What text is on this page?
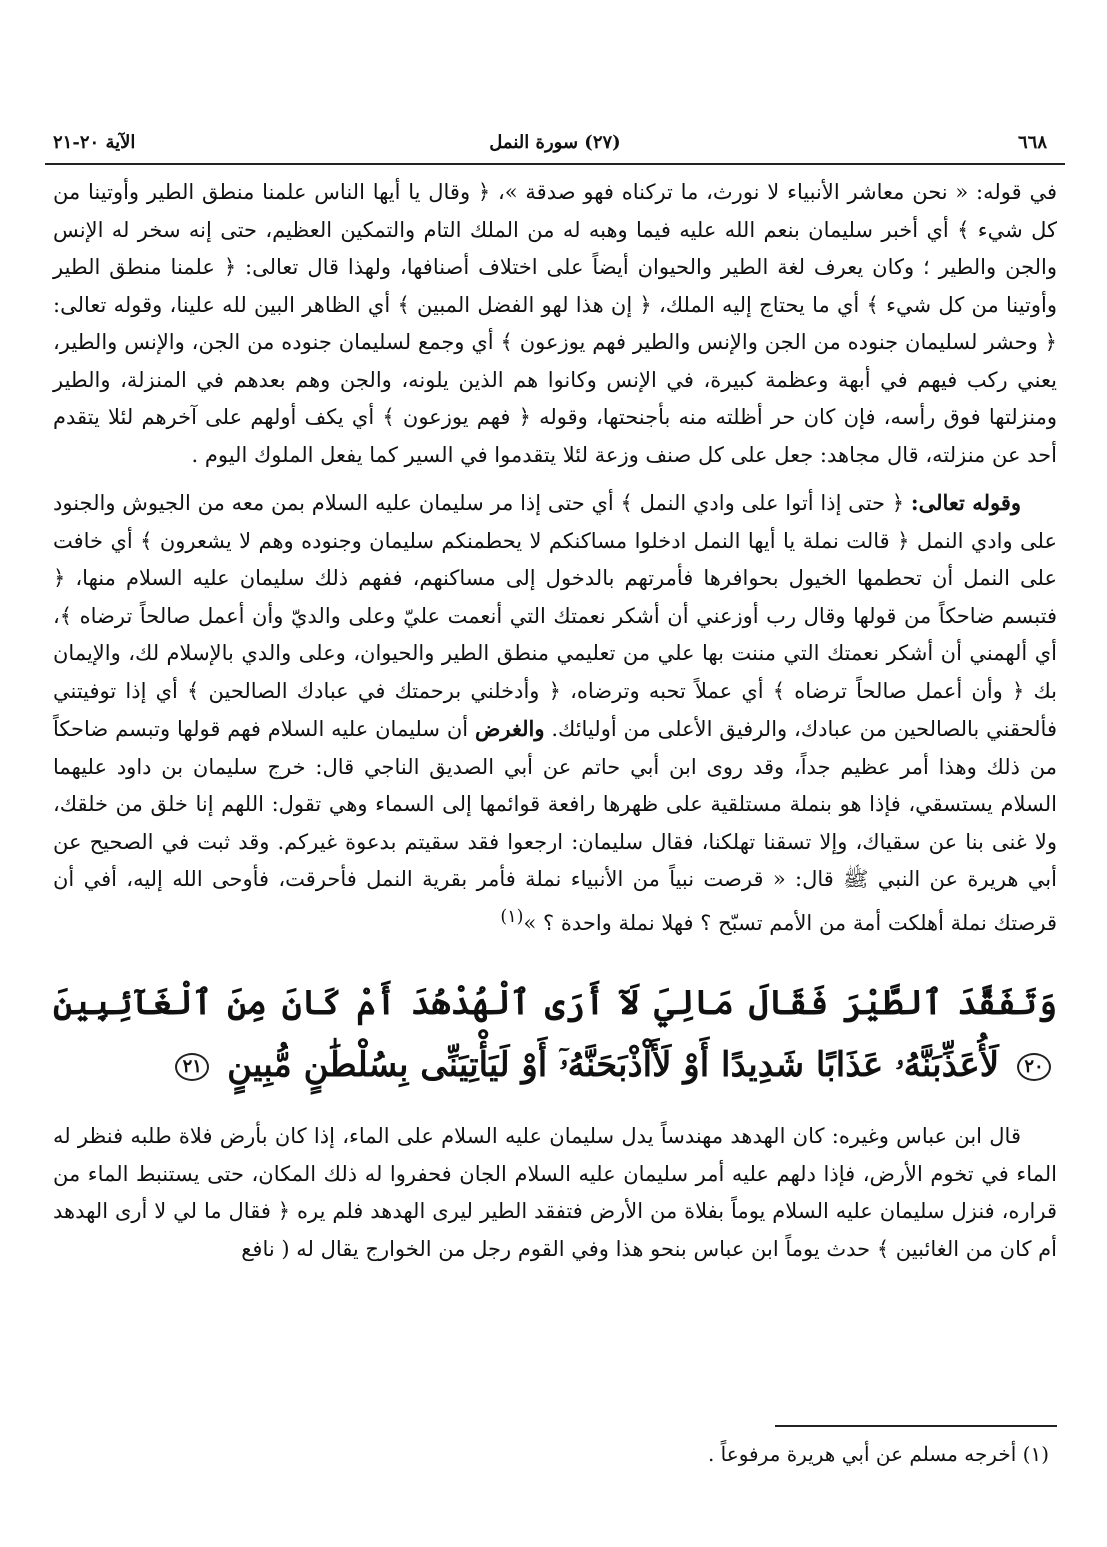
٦٦٨
(٢٧) سورة النمل
الآية ٢٠-٢١

في قوله: « نحن معاشر الأنبياء لا نورث، ما تركناه فهو صدقة »، ﴿ وقال يا أيها الناس علمنا منطق الطير وأوتينا من كل شيء ﴾ أي أخبر سليمان بنعم الله عليه فيما وهبه له من الملك التام والتمكين العظيم، حتى إنه سخر له الإنس والجن والطير ؛ وكان يعرف لغة الطير والحيوان أيضاً على اختلاف أصنافها، ولهذا قال تعالى: ﴿ علمنا منطق الطير وأوتينا من كل شيء ﴾ أي ما يحتاج إليه الملك، ﴿ إن هذا لهو الفضل المبين ﴾ أي الظاهر البين لله علينا، وقوله تعالى: ﴿ وحشر لسليمان جنوده من الجن والإنس والطير فهم يوزعون ﴾ أي وجمع لسليمان جنوده من الجن، والإنس والطير، يعني ركب فيهم في أبهة وعظمة كبيرة، في الإنس وكانوا هم الذين يلونه، والجن وهم بعدهم في المنزلة، والطير ومنزلتها فوق رأسه، فإن كان حر أظلته منه بأجنحتها، وقوله ﴿ فهم يوزعون ﴾ أي يكف أولهم على آخرهم لئلا يتقدم أحد عن منزلته، قال مجاهد: جعل على كل صنف وزعة لئلا يتقدموا في السير كما يفعل الملوك اليوم .

وقوله تعالى: ﴿ حتى إذا أتوا على وادي النمل ﴾ أي حتى إذا مر سليمان عليه السلام بمن معه من الجيوش والجنود على وادي النمل ﴿ قالت نملة يا أيها النمل ادخلوا مساكنكم لا يحطمنكم سليمان وجنوده وهم لا يشعرون ﴾ أي خافت على النمل أن تحطمها الخيول بحوافرها فأمرتهم بالدخول إلى مساكنهم، ففهم ذلك سليمان عليه السلام منها، ﴿ فتبسم ضاحكاً من قولها وقال رب أوزعني أن أشكر نعمتك التي أنعمت عليّ وعلى والديّ وأن أعمل صالحاً ترضاه ﴾، أي ألهمني أن أشكر نعمتك التي مننت بها علي من تعليمي منطق الطير والحيوان، وعلى والدي بالإسلام لك، والإيمان بك ﴿ وأن أعمل صالحاً ترضاه ﴾ أي عملاً تحبه وترضاه، ﴿ وأدخلني برحمتك في عبادك الصالحين ﴾ أي إذا توفيتني فألحقني بالصالحين من عبادك، والرفيق الأعلى من أوليائك. والغرض أن سليمان عليه السلام فهم قولها وتبسم ضاحكاً من ذلك وهذا أمر عظيم جداً، وقد روى ابن أبي حاتم عن أبي الصديق الناجي قال: خرج سليمان بن داود عليهما السلام يستسقي، فإذا هو بنملة مستلقية على ظهرها رافعة قوائمها إلى السماء وهي تقول: اللهم إنا خلق من خلقك، ولا غنى بنا عن سقياك، وإلا تسقنا تهلكنا، فقال سليمان: ارجعوا فقد سقيتم بدعوة غيركم. وقد ثبت في الصحيح عن أبي هريرة عن النبي ﷺ قال: « قرصت نبياً من الأنبياء نملة فأمر بقرية النمل فأحرقت، فأوحى الله إليه، أفي أن قرصتك نملة أهلكت أمة من الأمم تسبّح ؟ فهلا نملة واحدة ؟ »$^{(١)}$

وَتَفَقَّدَ ٱلطَّيْرَ فَقَالَ مَالِيَ لَآ أَرَى ٱلْهُدْهُدَ أَمْ كَانَ مِنَ ٱلْغَآئِبِينَ ٢٠ لَأُعَذِّبَنَّهُۥ عَذَابًا شَدِيدًا أَوْ لَأَاْذْبَحَنَّهُۥٓ أَوْ لَيَأْتِيَنِّى بِسُلْطَٰنٍ مُّبِينٍ ٢١

قال ابن عباس وغيره: كان الهدهد مهندساً يدل سليمان عليه السلام على الماء، إذا كان بأرض فلاة طلبه فنظر له الماء في تخوم الأرض، فإذا دلهم عليه أمر سليمان عليه السلام الجان فحفروا له ذلك المكان، حتى يستنبط الماء من قراره، فنزل سليمان عليه السلام يوماً بفلاة من الأرض فتفقد الطير ليرى الهدهد فلم يره ﴿ فقال ما لي لا أرى الهدهد أم كان من الغائبين ﴾ حدث يوماً ابن عباس بنحو هذا وفي القوم رجل من الخوارج يقال له ( نافع

(١) أخرجه مسلم عن أبي هريرة مرفوعاً .
